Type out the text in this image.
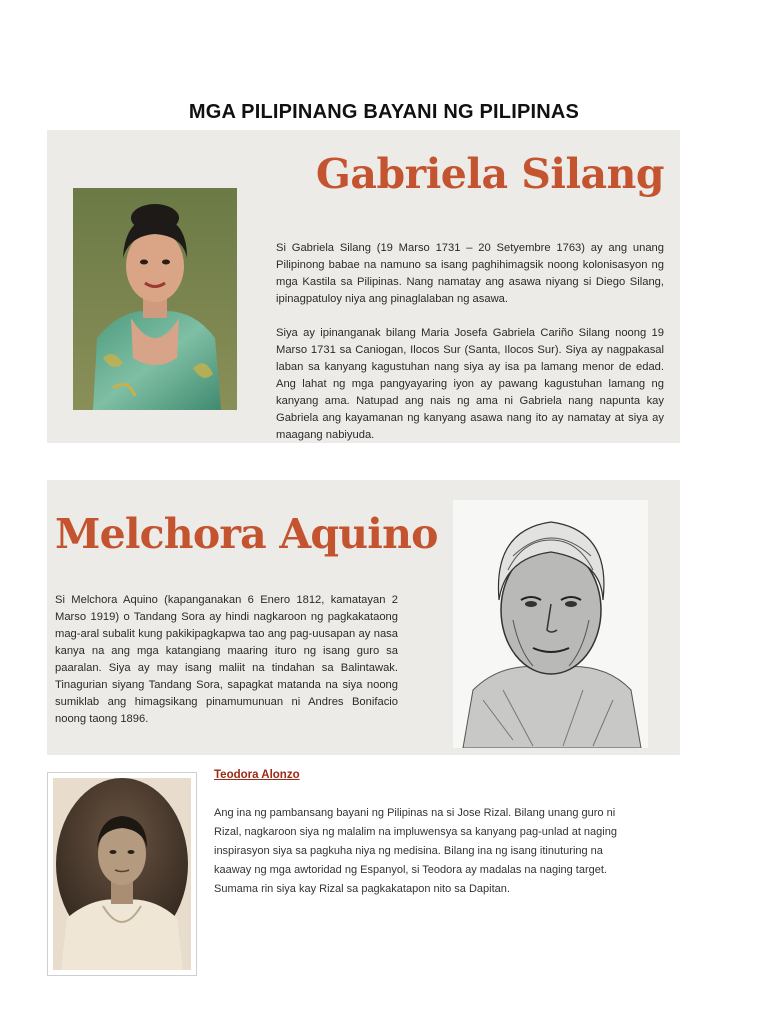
MGA PILIPINANG BAYANI NG PILIPINAS
Gabriela Silang
Si Gabriela Silang (19 Marso 1731 – 20 Setyembre 1763) ay ang unang Pilipinong babae na namuno sa isang paghihimagsik noong kolonisasyon ng mga Kastila sa Pilipinas. Nang namatay ang asawa niyang si Diego Silang, ipinagpatuloy niya ang pinaglalaban ng asawa.
Siya ay ipinanganak bilang Maria Josefa Gabriela Cariño Silang noong 19 Marso 1731 sa Caniogan, Ilocos Sur (Santa, Ilocos Sur). Siya ay nagpakasal laban sa kanyang kagustuhan nang siya ay isa pa lamang menor de edad. Ang lahat ng mga pangyayaring iyon ay pawang kagustuhan lamang ng kanyang ama. Natupad ang nais ng ama ni Gabriela nang napunta kay Gabriela ang kayamanan ng kanyang asawa nang ito ay namatay at siya ay maagang nabiyuda.
Melchora Aquino
Si Melchora Aquino (kapanganakan 6 Enero 1812, kamatayan 2 Marso 1919) o Tandang Sora ay hindi nagkaroon ng pagkakataong mag-aral subalit kung pakikipagkapwa tao ang pag-uusapan ay nasa kanya na ang mga katangiang maaring ituro ng isang guro sa paaralan. Siya ay may isang maliit na tindahan sa Balintawak. Tinagurian siyang Tandang Sora, sapagkat matanda na siya noong sumiklab ang himagsikang pinamumunuan ni Andres Bonifacio noong taong 1896.
Teodora Alonzo
Ang ina ng pambansang bayani ng Pilipinas na si Jose Rizal. Bilang unang guro ni Rizal, nagkaroon siya ng malalim na impluwensya sa kanyang pag-unlad at naging inspirasyon siya sa pagkuha niya ng medisina. Bilang ina ng isang itinuturing na kaaway ng mga awtoridad ng Espanyol, si Teodora ay madalas na naging target. Sumama rin siya kay Rizal sa pagkakatapon nito sa Dapitan.
